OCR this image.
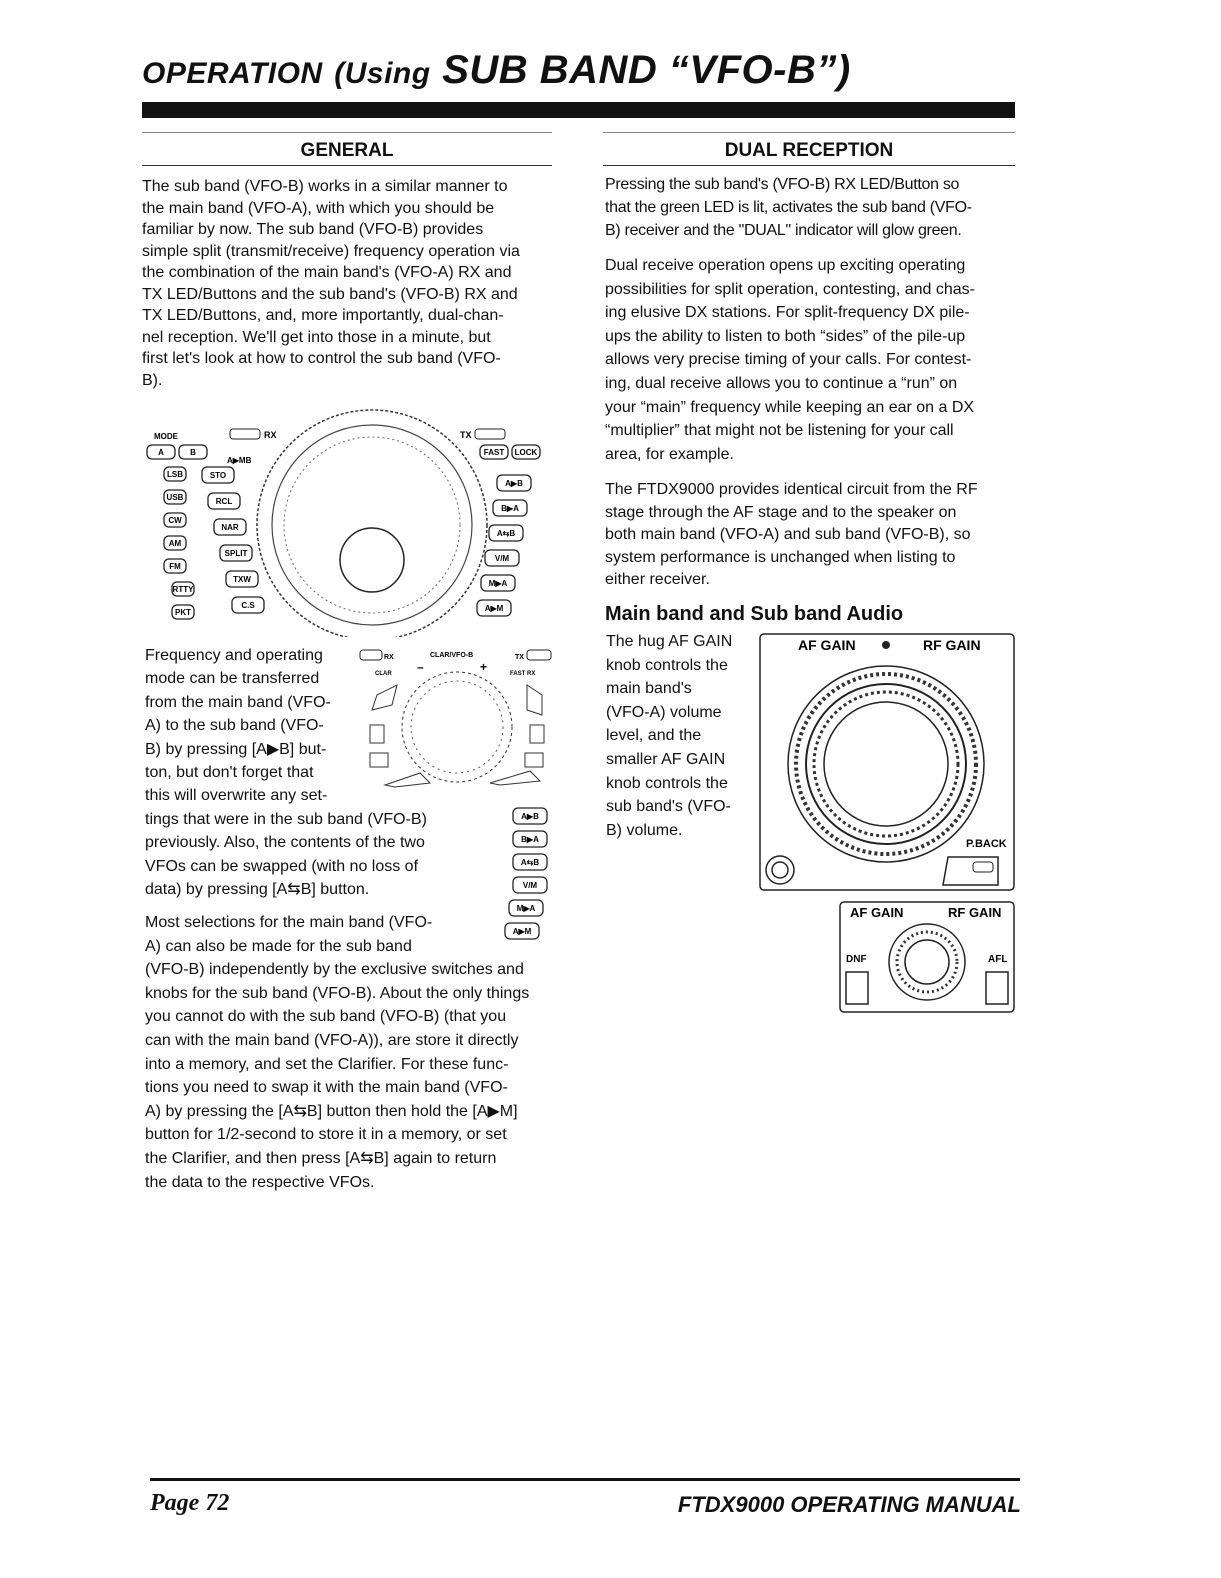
OPERATION (Using SUB BAND “VFO-B”)
GENERAL
The sub band (VFO-B) works in a similar manner to
the main band (VFO-A), with which you should be
familiar by now. The sub band (VFO-B) provides
simple split (transmit/receive) frequency operation via
the combination of the main band's (VFO-A) RX and
TX LED/Buttons and the sub band's (VFO-B) RX and
TX LED/Buttons, and, more importantly, dual-chan-
nel reception. We'll get into those in a minute, but
first let's look at how to control the sub band (VFO-
B).
Frequency and operating
mode can be transferred
from the main band (VFO-
A) to the sub band (VFO-
B) by pressing [A▶B] but-
ton, but don't forget that
this will overwrite any set-
tings that were in the sub band (VFO-B)
previously. Also, the contents of the two
VFOs can be swapped (with no loss of
data) by pressing [A⇆B] button.
Most selections for the main band (VFO-
A) can also be made for the sub band
(VFO-B) independently by the exclusive switches and
knobs for the sub band (VFO-B). About the only things
you cannot do with the sub band (VFO-B) (that you
can with the main band (VFO-A)), are store it directly
into a memory, and set the Clarifier. For these func-
tions you need to swap it with the main band (VFO-
A) by pressing the [A⇆B] button then hold the [A▶M]
button for 1/2-second to store it in a memory, or set
the Clarifier, and then press [A⇆B] again to return
the data to the respective VFOs.
DUAL RECEPTION
Pressing the sub band's (VFO-B) RX LED/Button so
that the green LED is lit, activates the sub band (VFO-
B) receiver and the "DUAL" indicator will glow green.
Dual receive operation opens up exciting operating
possibilities for split operation, contesting, and chas-
ing elusive DX stations. For split-frequency DX pile-
ups the ability to listen to both “sides” of the pile-up
allows very precise timing of your calls. For contest-
ing, dual receive allows you to continue a “run” on
your “main” frequency while keeping an ear on a DX
“multiplier” that might not be listening for your call
area, for example.
The FTDX9000 provides identical circuit from the RF
stage through the AF stage and to the speaker on
both main band (VFO-A) and sub band (VFO-B), so
system performance is unchanged when listing to
either receiver.
Main band and Sub band Audio
The hug AF GAIN
knob controls the
main band's
(VFO-A) volume
level, and the
smaller AF GAIN
knob controls the
sub band's (VFO-
B) volume.
MODE	RX	TX
A▶MB
A	B
LSB
USB
CW
AM
FM
RTTY
PKT
STO
RCL
NAR
SPLIT
TXW
C.S
FAST LOCK
A▶B
B▶A
A⇆B
V/M
M▶A
A▶M
RX	CLAR/VFO-B
–	+
TX
CLAR	FAST RX
A▶B
B▶A
A⇆B
V/M
M▶A
A▶M
AF GAIN	RF GAIN
P.BACK
AF GAIN	RF GAIN
DNF	AFL
Page 72	FTDX9000 OPERATING MANUAL
